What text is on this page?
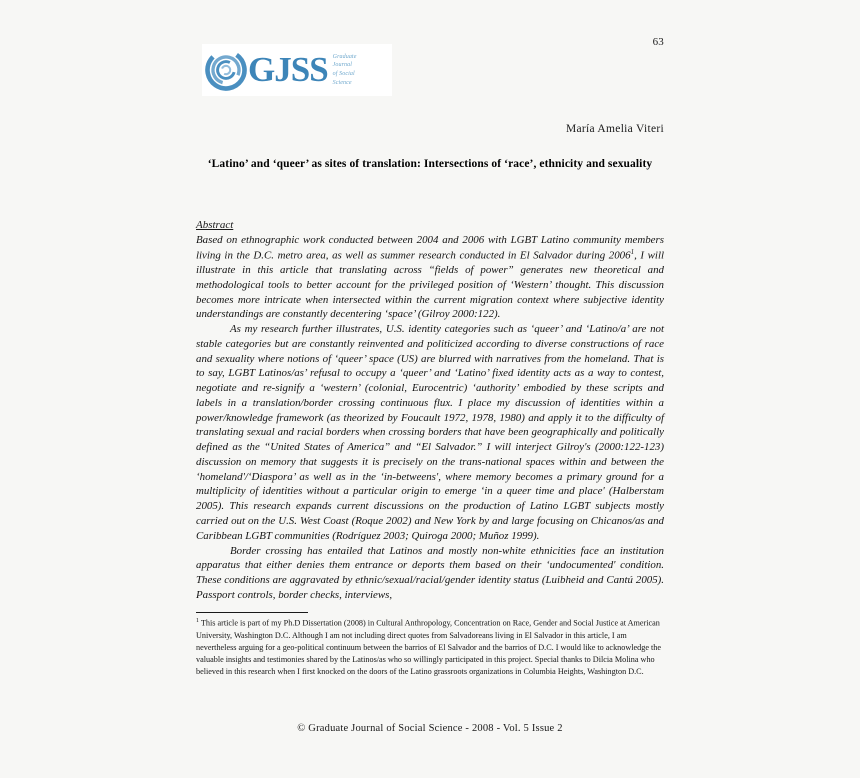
63
GJSS Graduate
Journal
of Social
Science
María Amelia Viteri
‘Latino’ and ‘queer’ as sites of translation: Intersections of ‘race’, ethnicity and sexuality
Abstract

Based on ethnographic work conducted between 2004 and 2006 with LGBT Latino community members living in the D.C. metro area, as well as summer research conducted in El Salvador during 2006$^1$, I will illustrate in this article that translating across “fields of power” generates new theoretical and methodological tools to better account for the privileged position of ‘Western’ thought. This discussion becomes more intricate when intersected within the current migration context where subjective identity understandings are constantly decentering ‘space’ (Gilroy 2000:122).

As my research further illustrates, U.S. identity categories such as ‘queer’ and ‘Latino/a’ are not stable categories but are constantly reinvented and politicized according to diverse constructions of race and sexuality where notions of ‘queer’ space (US) are blurred with narratives from the homeland. That is to say, LGBT Latinos/as’ refusal to occupy a ‘queer’ and ‘Latino’ fixed identity acts as a way to contest, negotiate and re-signify a ‘western’ (colonial, Eurocentric) ‘authority’ embodied by these scripts and labels in a translation/border crossing continuous flux. I place my discussion of identities within a power/knowledge framework (as theorized by Foucault 1972, 1978, 1980) and apply it to the difficulty of translating sexual and racial borders when crossing borders that have been geographically and politically defined as the “United States of America” and “El Salvador.” I will interject Gilroy's (2000:122-123) discussion on memory that suggests it is precisely on the trans-national spaces within and between the ‘homeland'/‘Diaspora’ as well as in the ‘in-betweens', where memory becomes a primary ground for a multiplicity of identities without a particular origin to emerge ‘in a queer time and place' (Halberstam 2005). This research expands current discussions on the production of Latino LGBT subjects mostly carried out on the U.S. West Coast (Roque 2002) and New York by and large focusing on Chicanos/as and Caribbean LGBT communities (Rodríguez 2003; Quiroga 2000; Muñoz 1999).

Border crossing has entailed that Latinos and mostly non-white ethnicities face an institution apparatus that either denies them entrance or deports them based on their ‘undocumented' condition. These conditions are aggravated by ethnic/sexual/racial/gender identity status (Luibheid and Cantú 2005). Passport controls, border checks, interviews,

$^1$ This article is part of my Ph.D Dissertation (2008) in Cultural Anthropology, Concentration on Race, Gender and Social Justice at American University, Washington D.C. Although I am not including direct quotes from Salvadoreans living in El Salvador in this article, I am nevertheless arguing for a geo-political continuum between the barrios of El Salvador and the barrios of D.C. I would like to acknowledge the valuable insights and testimonies shared by the Latinos/as who so willingly participated in this project. Special thanks to Dilcia Molina who believed in this research when I first knocked on the doors of the Latino grassroots organizations in Columbia Heights, Washington D.C.
© Graduate Journal of Social Science - 2008 - Vol. 5 Issue 2
